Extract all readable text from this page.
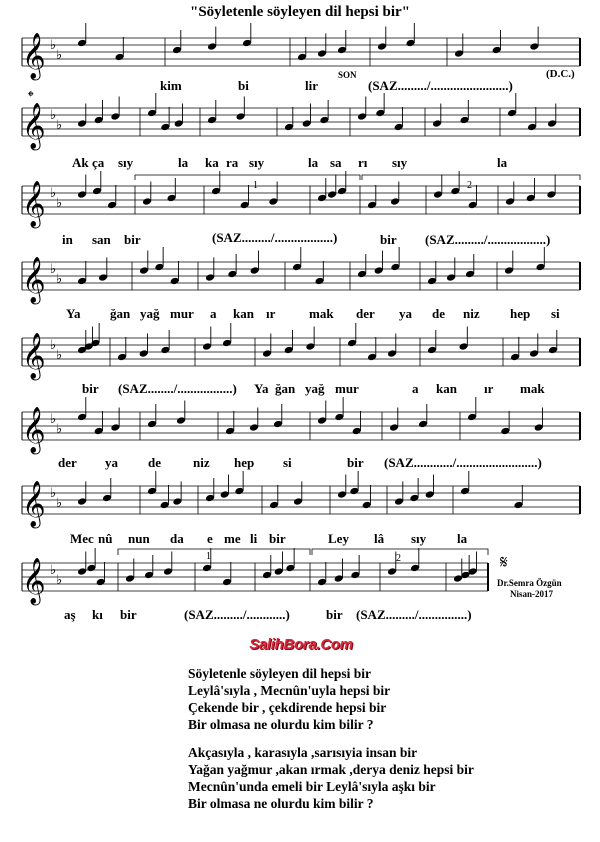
"Söyletenle söyleyen dil hepsi bir"
𝄞 ♭
♭
𝄞 ♭
♭
𝄞 ♭
♭
𝄞 ♭
♭
𝄞 ♭
♭
𝄞 ♭
♭
𝄞 ♭
♭
𝄞 ♭
♭
𝄌
𝄋
kim	bi	lir	(SAZ........./........................)
SON	(D.C.)
Ak ça sıy	la ka ra sıy	la sa rı sıy	la
in san bir	(SAZ........./..................)	bir (SAZ........./..................)
1	2
Ya ğan yağ mur a kan ır	mak der ya de niz hep si
bir (SAZ......../.................) Ya ğan yağ mur	a kan ır mak
der ya de niz hep si	bir (SAZ............/.........................)
Mec nû nun da e me li bir	Ley lâ sıy la
aş kı bir	(SAZ........./............)	bir (SAZ........./...............)
1	2
Dr.Semra Özgün
Nisan-2017
SalihBora.Com
Söyletenle söyleyen dil hepsi bir
Leylâ'sıyla , Mecnûn'uyla hepsi bir
Çekende bir , çekdirende hepsi bir
Bir olmasa ne olurdu kim bilir ?
Akçasıyla , karasıyla ,sarısıyia insan bir
Yağan yağmur ,akan ırmak ,derya deniz hepsi bir
Mecnûn'unda emeli bir Leylâ'sıyla aşkı bir
Bir olmasa ne olurdu kim bilir ?
